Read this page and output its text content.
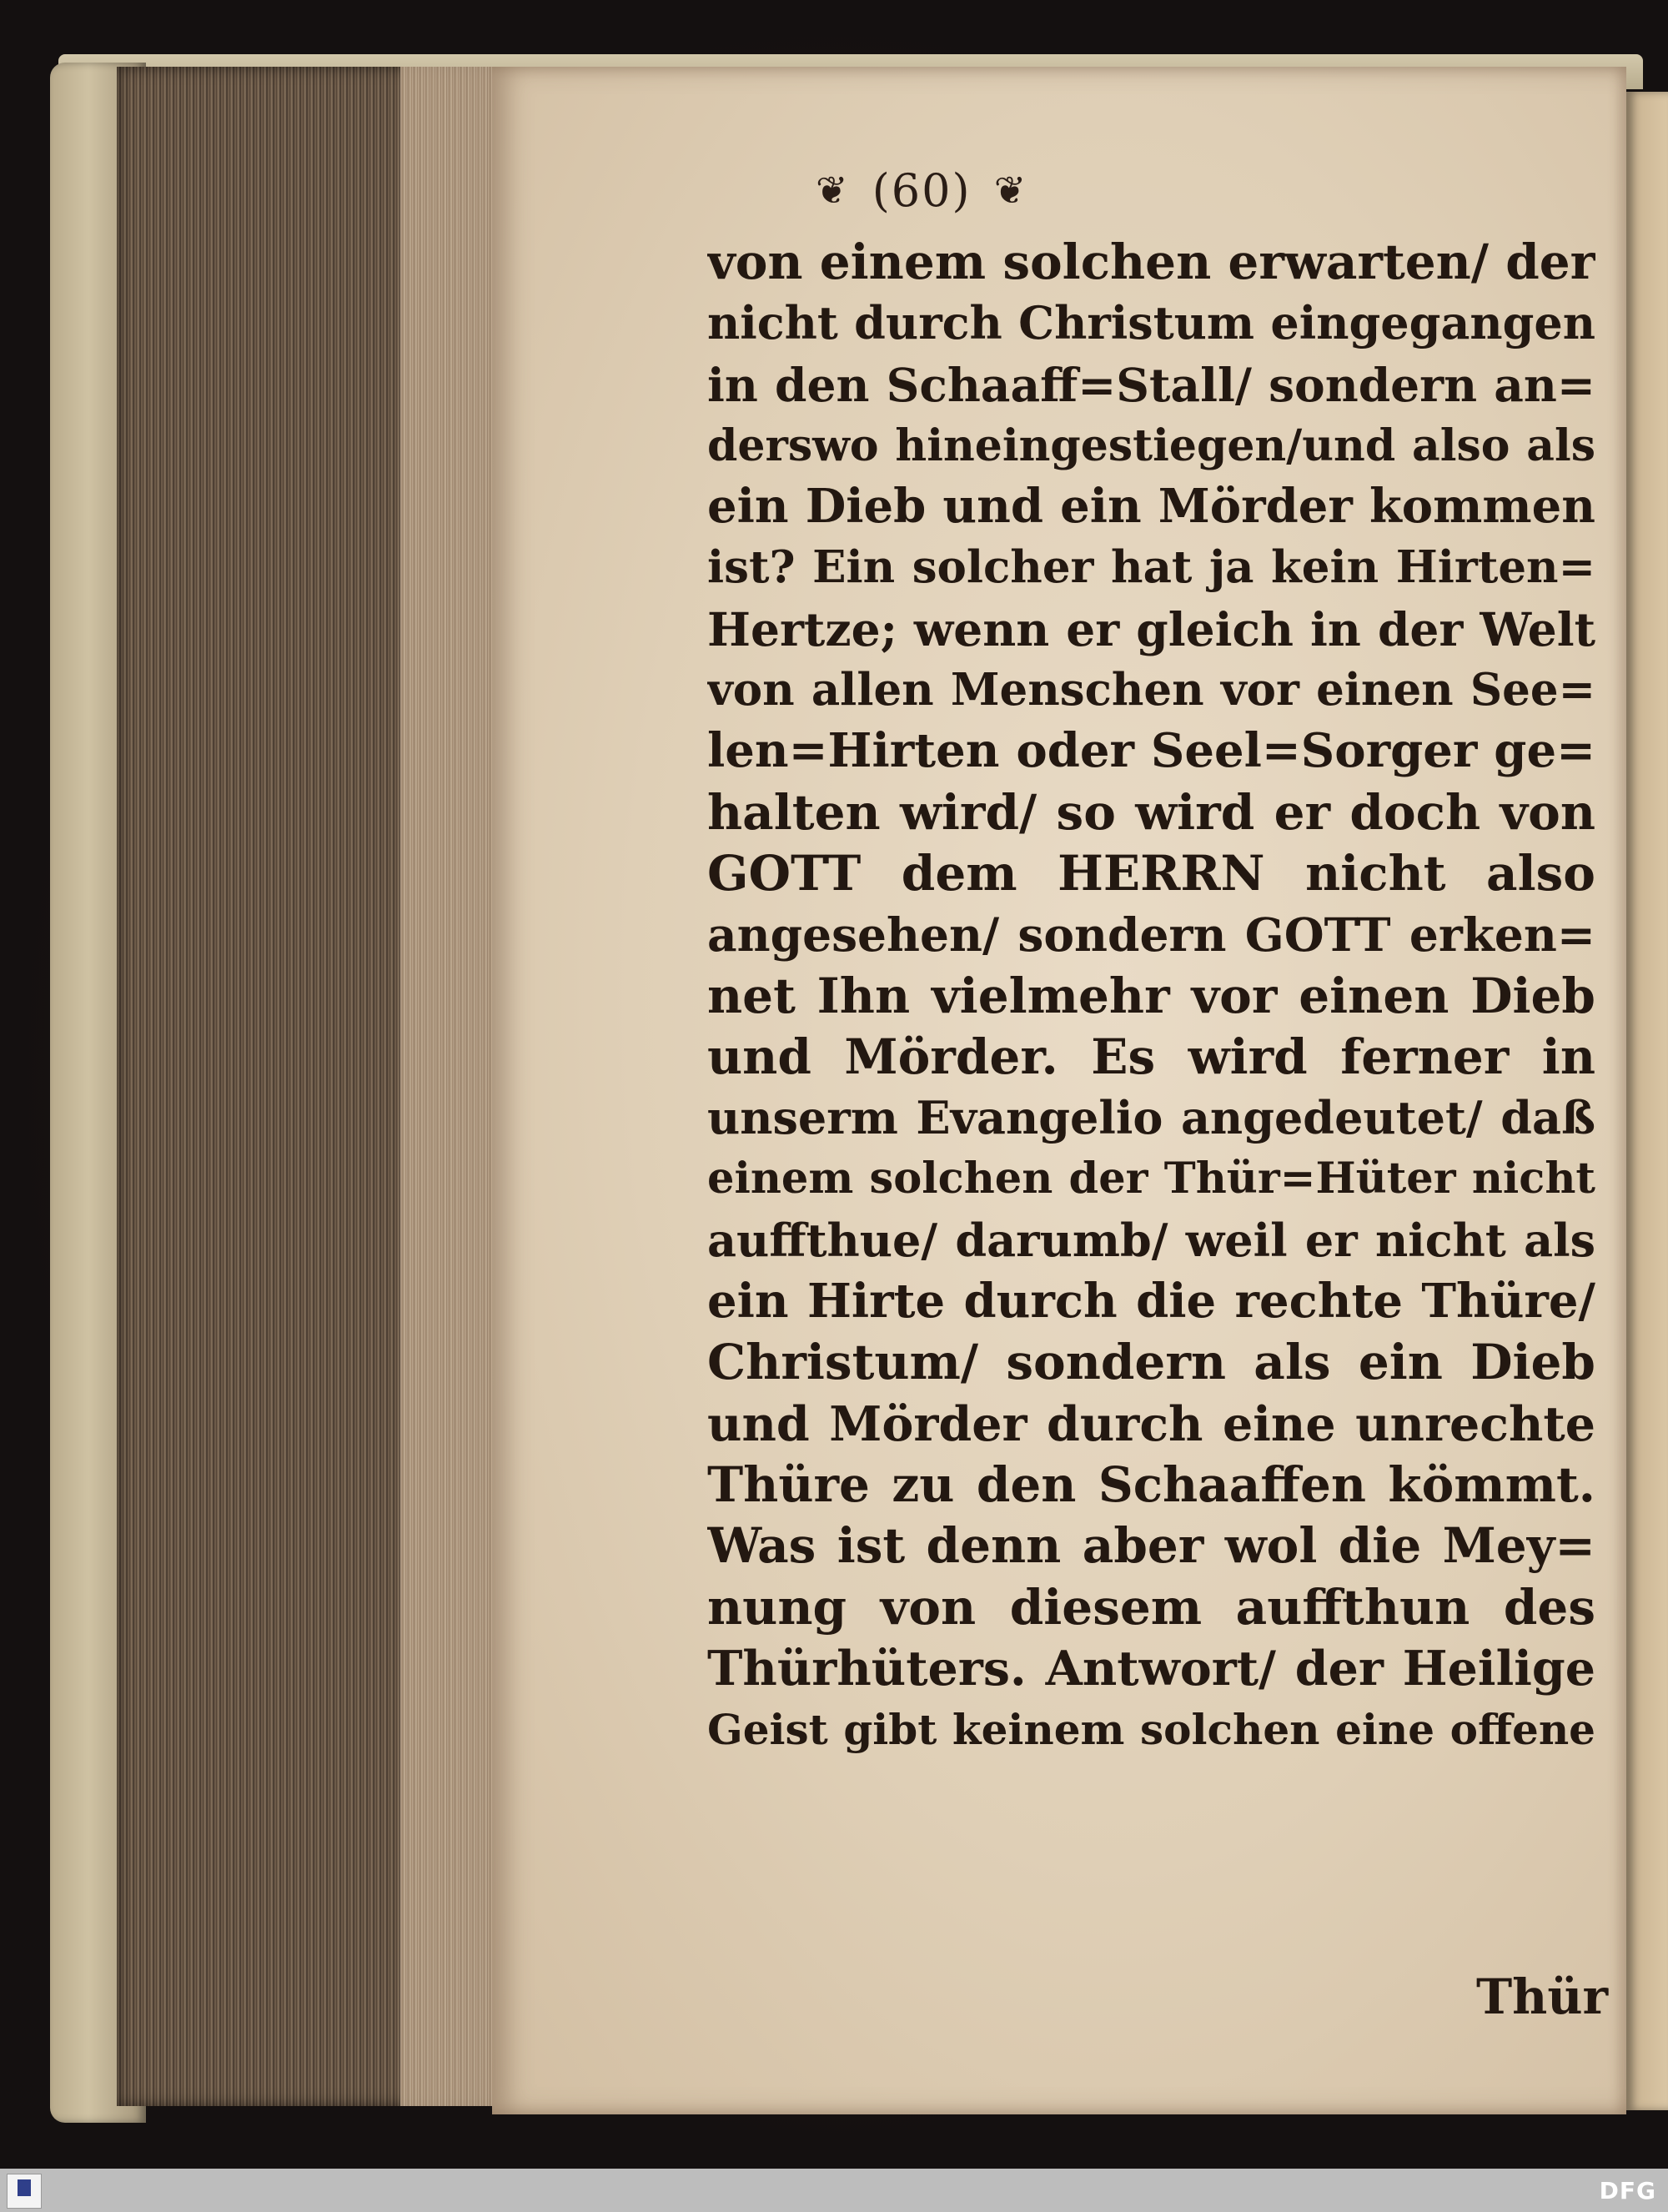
❦ (60) ❦
von einem solchen erwarten/ der
nicht durch Christum eingegangen
in den Schaaff=Stall/ sondern an=
derswo hineingestiegen/und also als
ein Dieb und ein Mörder kommen
ist? Ein solcher hat ja kein Hirten=
Hertze; wenn er gleich in der Welt
von allen Menschen vor einen See=
len=Hirten oder Seel=Sorger ge=
halten wird/ so wird er doch von
GOTT dem HERRN nicht also
angesehen/ sondern GOTT erken=
net Ihn vielmehr vor einen Dieb
und Mörder. Es wird ferner in
unserm Evangelio angedeutet/ daß
einem solchen der Thür=Hüter nicht
auffthue/ darumb/ weil er nicht als
ein Hirte durch die rechte Thüre/
Christum/ sondern als ein Dieb
und Mörder durch eine unrechte
Thüre zu den Schaaffen kömmt.
Was ist denn aber wol die Mey=
nung von diesem auffthun des
Thürhüters. Antwort/ der Heilige
Geist gibt keinem solchen eine offene
Thür
DFG
